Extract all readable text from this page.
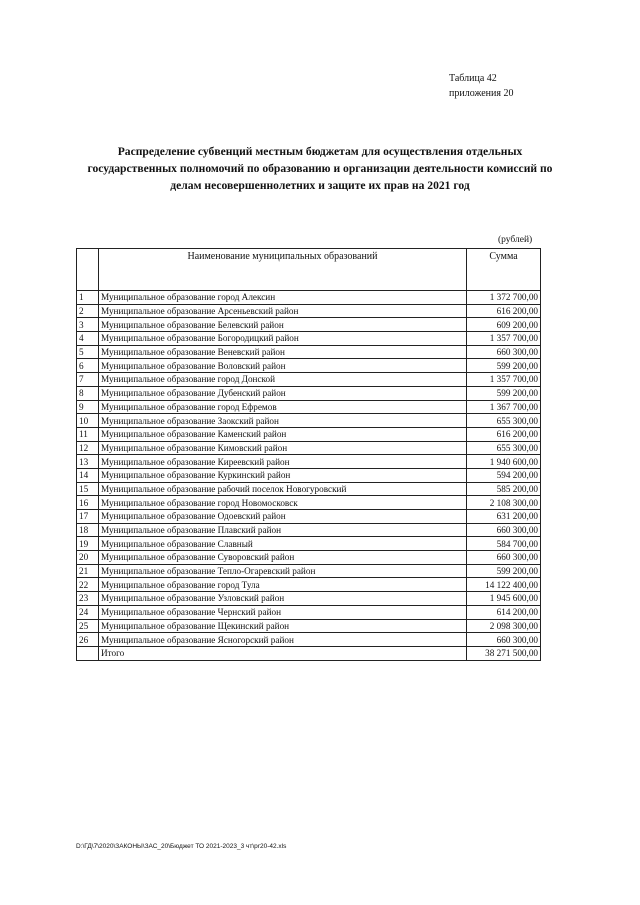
Таблица 42
приложения 20
Распределение субвенций местным бюджетам для осуществления отдельных государственных полномочий по образованию и организации деятельности комиссий по делам несовершеннолетних и защите их прав на 2021 год
(рублей)
	Наименование муниципальных образований	Сумма
1	Муниципальное образование город Алексин	1 372 700,00
2	Муниципальное образование Арсеньевский район	616 200,00
3	Муниципальное образование Белевский район	609 200,00
4	Муниципальное образование Богородицкий район	1 357 700,00
5	Муниципальное образование Веневский район	660 300,00
6	Муниципальное образование Воловский район	599 200,00
7	Муниципальное образование город Донской	1 357 700,00
8	Муниципальное образование Дубенский район	599 200,00
9	Муниципальное образование город Ефремов	1 367 700,00
10	Муниципальное образование Заокский район	655 300,00
11	Муниципальное образование Каменский район	616 200,00
12	Муниципальное образование Кимовский район	655 300,00
13	Муниципальное образование Киреевский район	1 940 600,00
14	Муниципальное образование Куркинский район	594 200,00
15	Муниципальное образование рабочий поселок Новогуровский	585 200,00
16	Муниципальное образование город Новомосковск	2 108 300,00
17	Муниципальное образование Одоевский район	631 200,00
18	Муниципальное образование Плавский район	660 300,00
19	Муниципальное образование Славный	584 700,00
20	Муниципальное образование Суворовский район	660 300,00
21	Муниципальное образование Тепло-Огаревский район	599 200,00
22	Муниципальное образование город Тула	14 122 400,00
23	Муниципальное образование Узловский район	1 945 600,00
24	Муниципальное образование Чернский район	614 200,00
25	Муниципальное образование Щекинский район	2 098 300,00
26	Муниципальное образование Ясногорский район	660 300,00
	Итого	38 271 500,00
D:\ГД\7\2020\ЗАКОНЫ\ЗАС_20\Бюджет ТО 2021-2023_3 чт\pr20-42.xls
